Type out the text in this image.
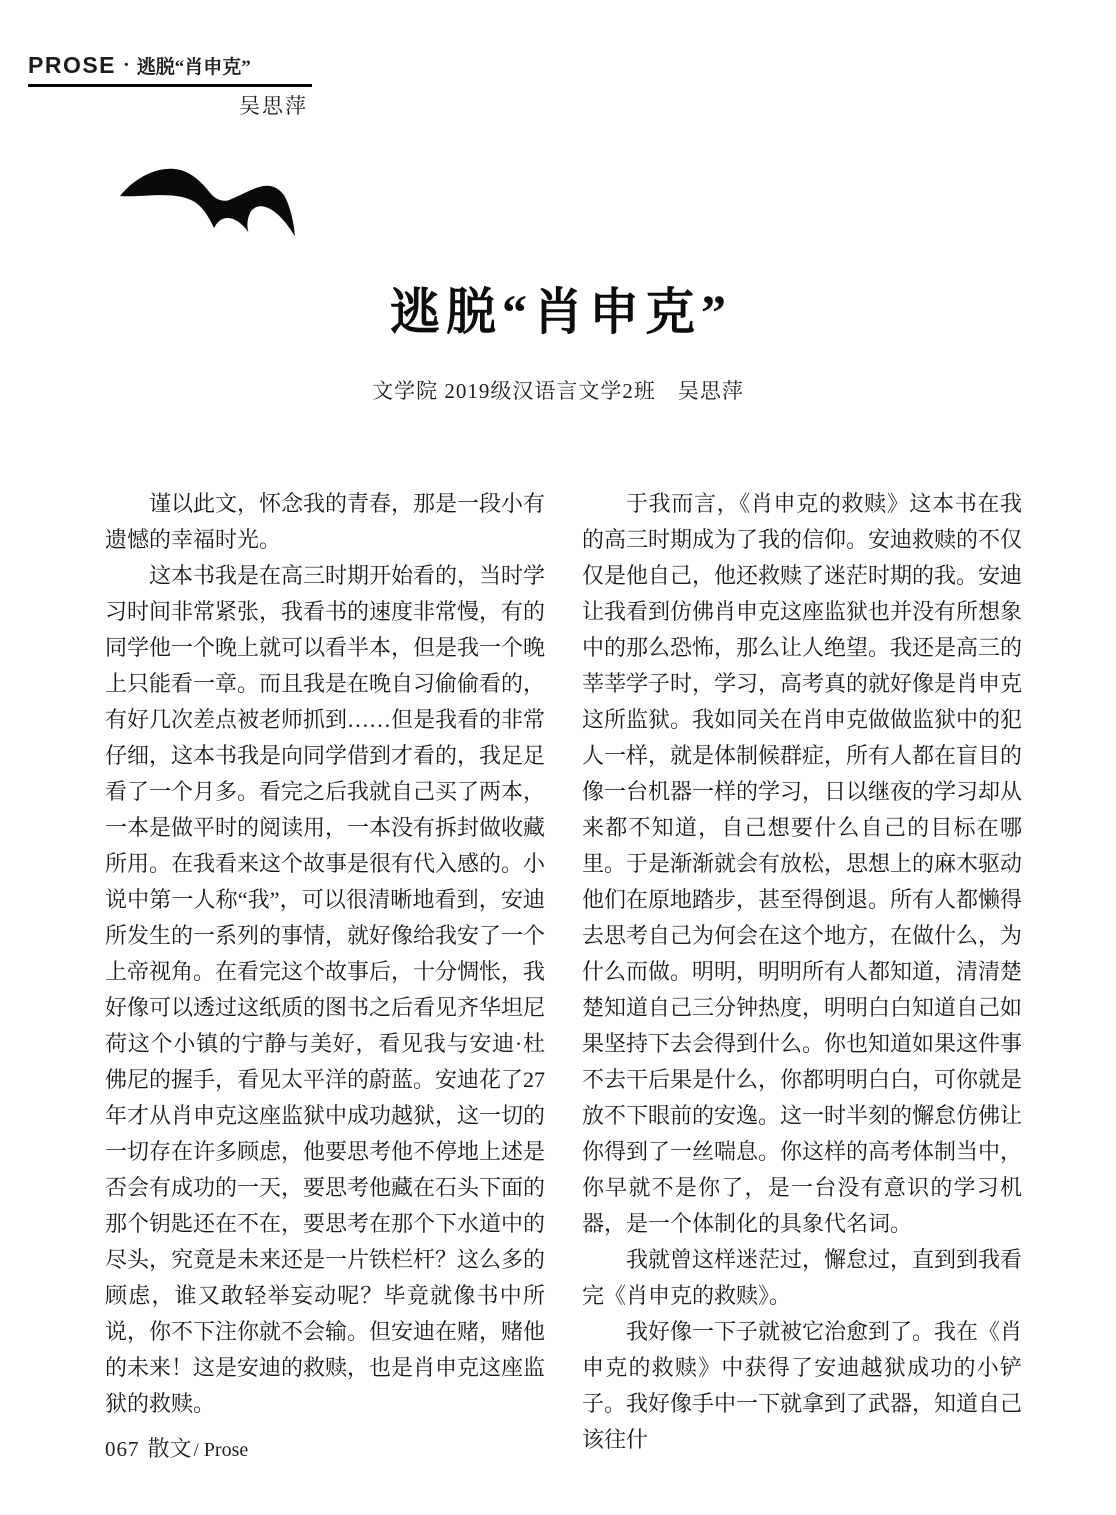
PROSE · 逃脱“肖申克”
吴思萍
逃脱“肖申克”
文学院 2019级汉语言文学2班　吴思萍

谨以此文，怀念我的青春，那是一段小有遗憾的幸福时光。

这本书我是在高三时期开始看的，当时学习时间非常紧张，我看书的速度非常慢，有的同学他一个晚上就可以看半本，但是我一个晚上只能看一章。而且我是在晚自习偷偷看的，有好几次差点被老师抓到……但是我看的非常仔细，这本书我是向同学借到才看的，我足足看了一个月多。看完之后我就自己买了两本，一本是做平时的阅读用，一本没有拆封做收藏所用。在我看来这个故事是很有代入感的。小说中第一人称“我”，可以很清晰地看到，安迪所发生的一系列的事情，就好像给我安了一个上帝视角。在看完这个故事后，十分惆怅，我好像可以透过这纸质的图书之后看见齐华坦尼荷这个小镇的宁静与美好，看见我与安迪·杜佛尼的握手，看见太平洋的蔚蓝。安迪花了27年才从肖申克这座监狱中成功越狱，这一切的一切存在许多顾虑，他要思考他不停地上述是否会有成功的一天，要思考他藏在石头下面的那个钥匙还在不在，要思考在那个下水道中的尽头，究竟是未来还是一片铁栏杆？这么多的顾虑，谁又敢轻举妄动呢？毕竟就像书中所说，你不下注你就不会输。但安迪在赌，赌他的未来！这是安迪的救赎，也是肖申克这座监狱的救赎。

于我而言，《肖申克的救赎》这本书在我的高三时期成为了我的信仰。安迪救赎的不仅仅是他自己，他还救赎了迷茫时期的我。安迪让我看到仿佛肖申克这座监狱也并没有所想象中的那么恐怖，那么让人绝望。我还是高三的莘莘学子时，学习，高考真的就好像是肖申克这所监狱。我如同关在肖申克做做监狱中的犯人一样，就是体制候群症，所有人都在盲目的像一台机器一样的学习，日以继夜的学习却从来都不知道，自己想要什么自己的目标在哪里。于是渐渐就会有放松，思想上的麻木驱动他们在原地踏步，甚至得倒退。所有人都懒得去思考自己为何会在这个地方，在做什么，为什么而做。明明，明明所有人都知道，清清楚楚知道自己三分钟热度，明明白白知道自己如果坚持下去会得到什么。你也知道如果这件事不去干后果是什么，你都明明白白，可你就是放不下眼前的安逸。这一时半刻的懈怠仿佛让你得到了一丝喘息。你这样的高考体制当中，你早就不是你了，是一台没有意识的学习机器，是一个体制化的具象代名词。

我就曾这样迷茫过，懈怠过，直到到我看完《肖申克的救赎》。

我好像一下子就被它治愈到了。我在《肖申克的救赎》中获得了安迪越狱成功的小铲子。我好像手中一下就拿到了武器，知道自己该往什

067 散文 / Prose
